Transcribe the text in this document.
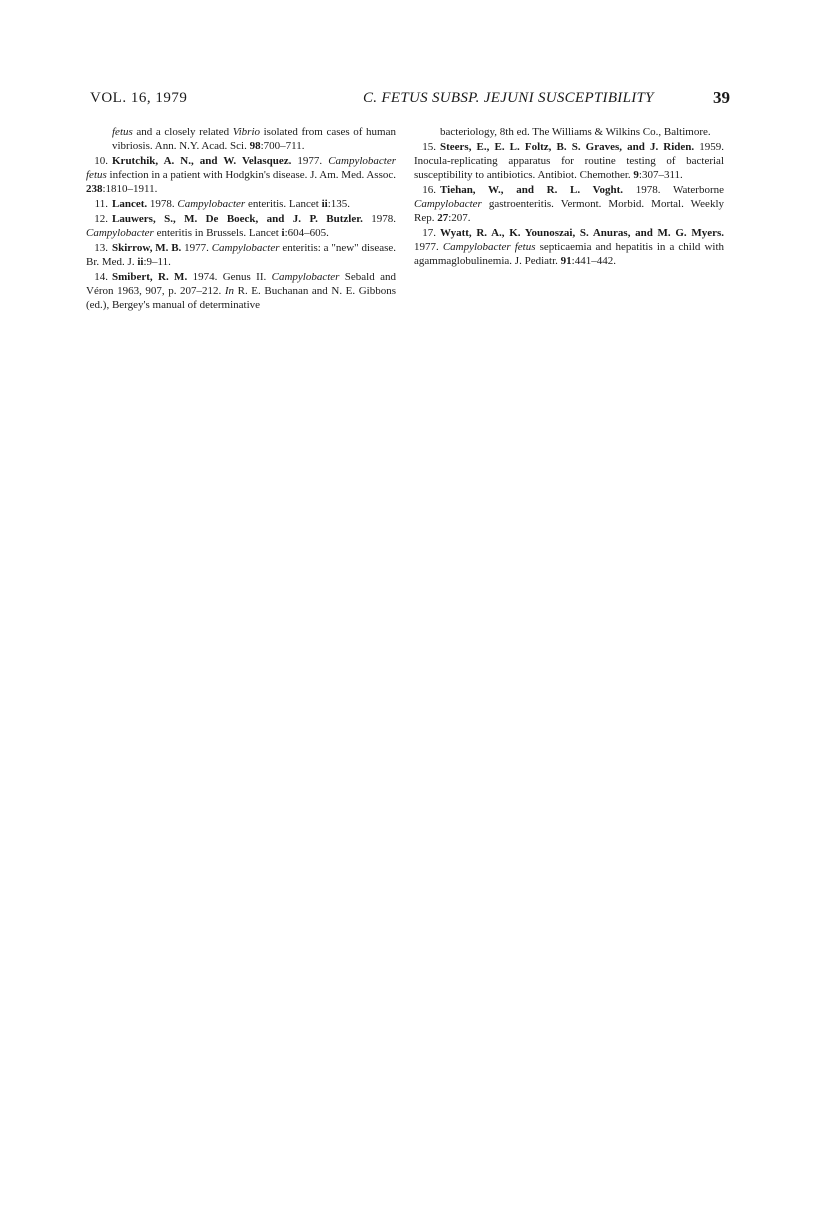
VOL. 16, 1979	C. FETUS SUBSP. JEJUNI SUSCEPTIBILITY	39
fetus and a closely related Vibrio isolated from cases of human vibriosis. Ann. N.Y. Acad. Sci. 98:700–711.
10. Krutchik, A. N., and W. Velasquez. 1977. Campylobacter fetus infection in a patient with Hodgkin's disease. J. Am. Med. Assoc. 238:1810–1911.
11. Lancet. 1978. Campylobacter enteritis. Lancet ii:135.
12. Lauwers, S., M. De Boeck, and J. P. Butzler. 1978. Campylobacter enteritis in Brussels. Lancet i:604–605.
13. Skirrow, M. B. 1977. Campylobacter enteritis: a "new" disease. Br. Med. J. ii:9–11.
14. Smibert, R. M. 1974. Genus II. Campylobacter Sebald and Véron 1963, 907, p. 207–212. In R. E. Buchanan and N. E. Gibbons (ed.), Bergey's manual of determinative
bacteriology, 8th ed. The Williams & Wilkins Co., Baltimore.
15. Steers, E., E. L. Foltz, B. S. Graves, and J. Riden. 1959. Inocula-replicating apparatus for routine testing of bacterial susceptibility to antibiotics. Antibiot. Chemother. 9:307–311.
16. Tiehan, W., and R. L. Voght. 1978. Waterborne Campylobacter gastroenteritis. Vermont. Morbid. Mortal. Weekly Rep. 27:207.
17. Wyatt, R. A., K. Younoszai, S. Anuras, and M. G. Myers. 1977. Campylobacter fetus septicaemia and hepatitis in a child with agammaglobulinemia. J. Pediatr. 91:441–442.
